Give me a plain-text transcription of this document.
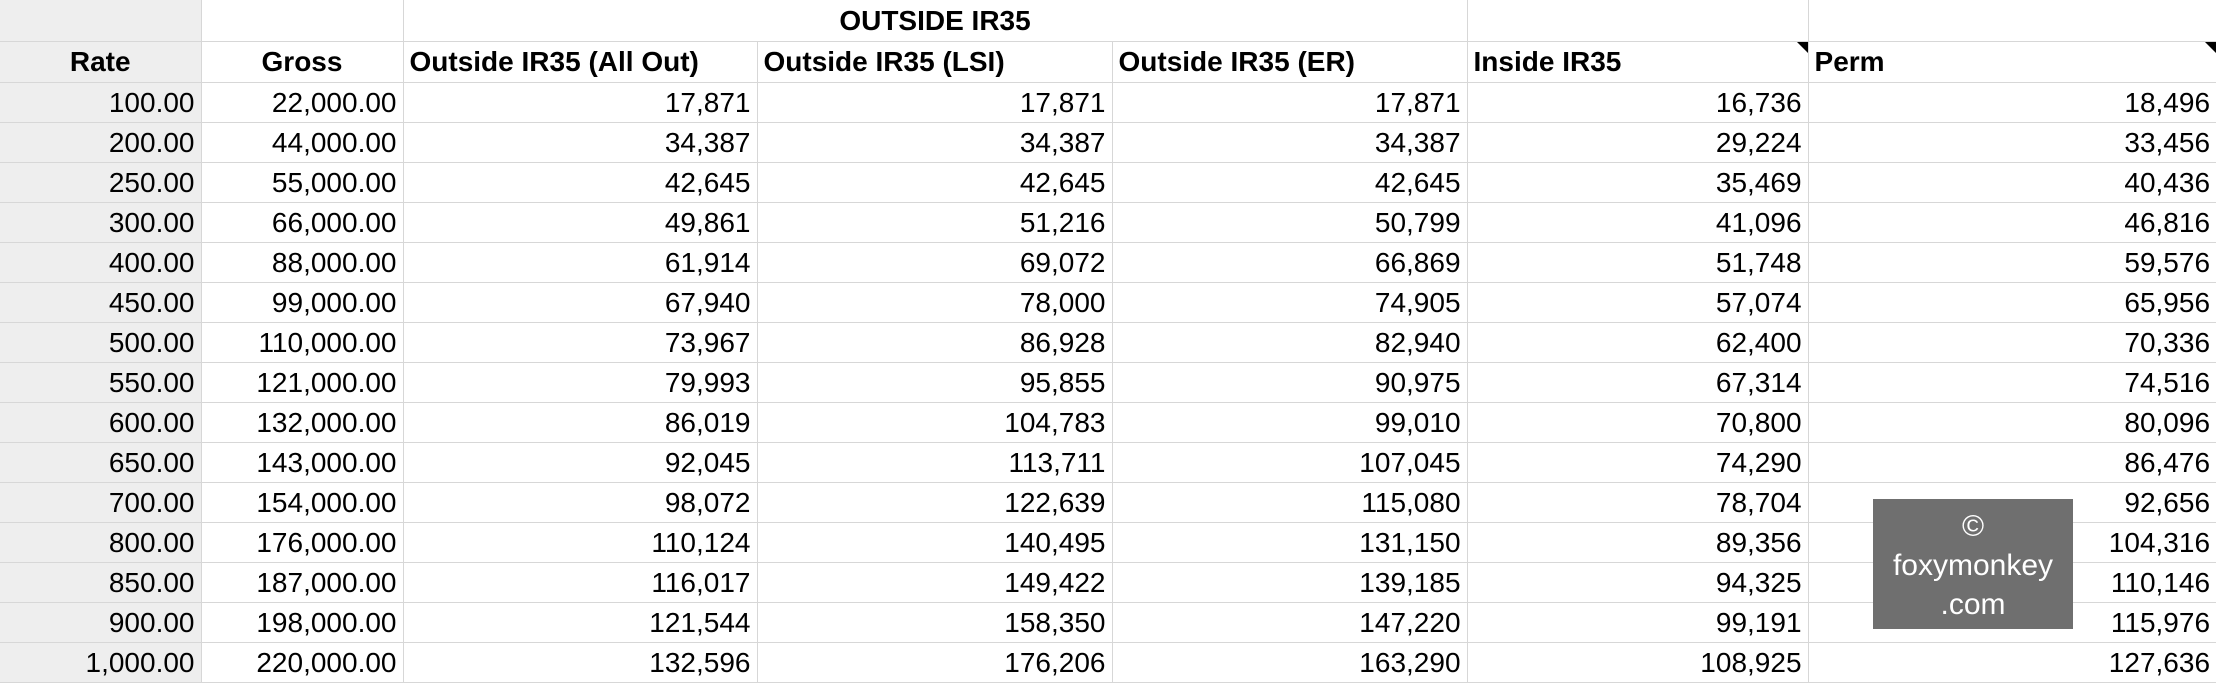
		OUTSIDE IR35				
Rate	Gross	Outside IR35 (All Out)	Outside IR35 (LSI)	Outside IR35 (ER)	Inside IR35	Perm
100.00	22,000.00	17,871	17,871	17,871	16,736	18,496
200.00	44,000.00	34,387	34,387	34,387	29,224	33,456
250.00	55,000.00	42,645	42,645	42,645	35,469	40,436
300.00	66,000.00	49,861	51,216	50,799	41,096	46,816
400.00	88,000.00	61,914	69,072	66,869	51,748	59,576
450.00	99,000.00	67,940	78,000	74,905	57,074	65,956
500.00	110,000.00	73,967	86,928	82,940	62,400	70,336
550.00	121,000.00	79,993	95,855	90,975	67,314	74,516
600.00	132,000.00	86,019	104,783	99,010	70,800	80,096
650.00	143,000.00	92,045	113,711	107,045	74,290	86,476
700.00	154,000.00	98,072	122,639	115,080	78,704	92,656
800.00	176,000.00	110,124	140,495	131,150	89,356	104,316
850.00	187,000.00	116,017	149,422	139,185	94,325	110,146
900.00	198,000.00	121,544	158,350	147,220	99,191	115,976
1,000.00	220,000.00	132,596	176,206	163,290	108,925	127,636
©
foxymonkey
.com
